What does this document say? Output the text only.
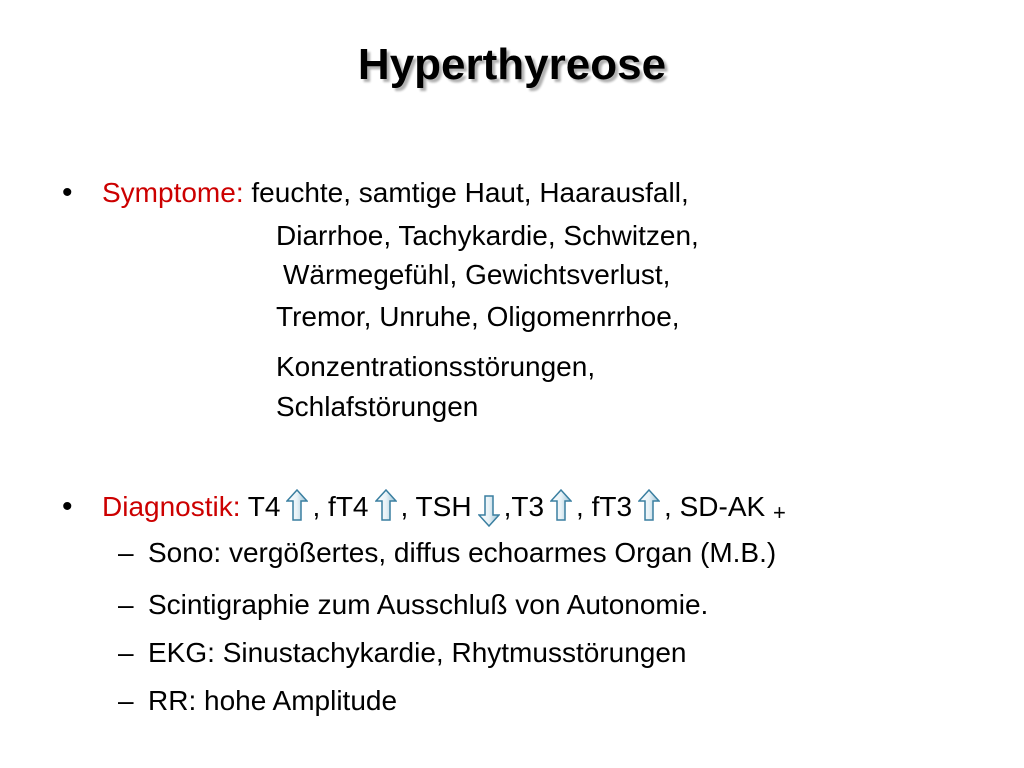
Hyperthyreose
• Symptome: feuchte, samtige Haut, Haarausfall,
Diarrhoe, Tachykardie, Schwitzen,
Wärmegefühl, Gewichtsverlust,
Tremor, Unruhe, Oligomenrrhoe,
Konzentrationsstörungen,
Schlafstörungen
• Diagnostik: T4 , fT4 , TSH ,T3 , fT3 , SD-AK +
– Sono: vergößertes, diffus echoarmes Organ (M.B.)
– Scintigraphie zum Ausschluß von Autonomie.
– EKG: Sinustachykardie, Rhytmusstörungen
– RR: hohe Amplitude
